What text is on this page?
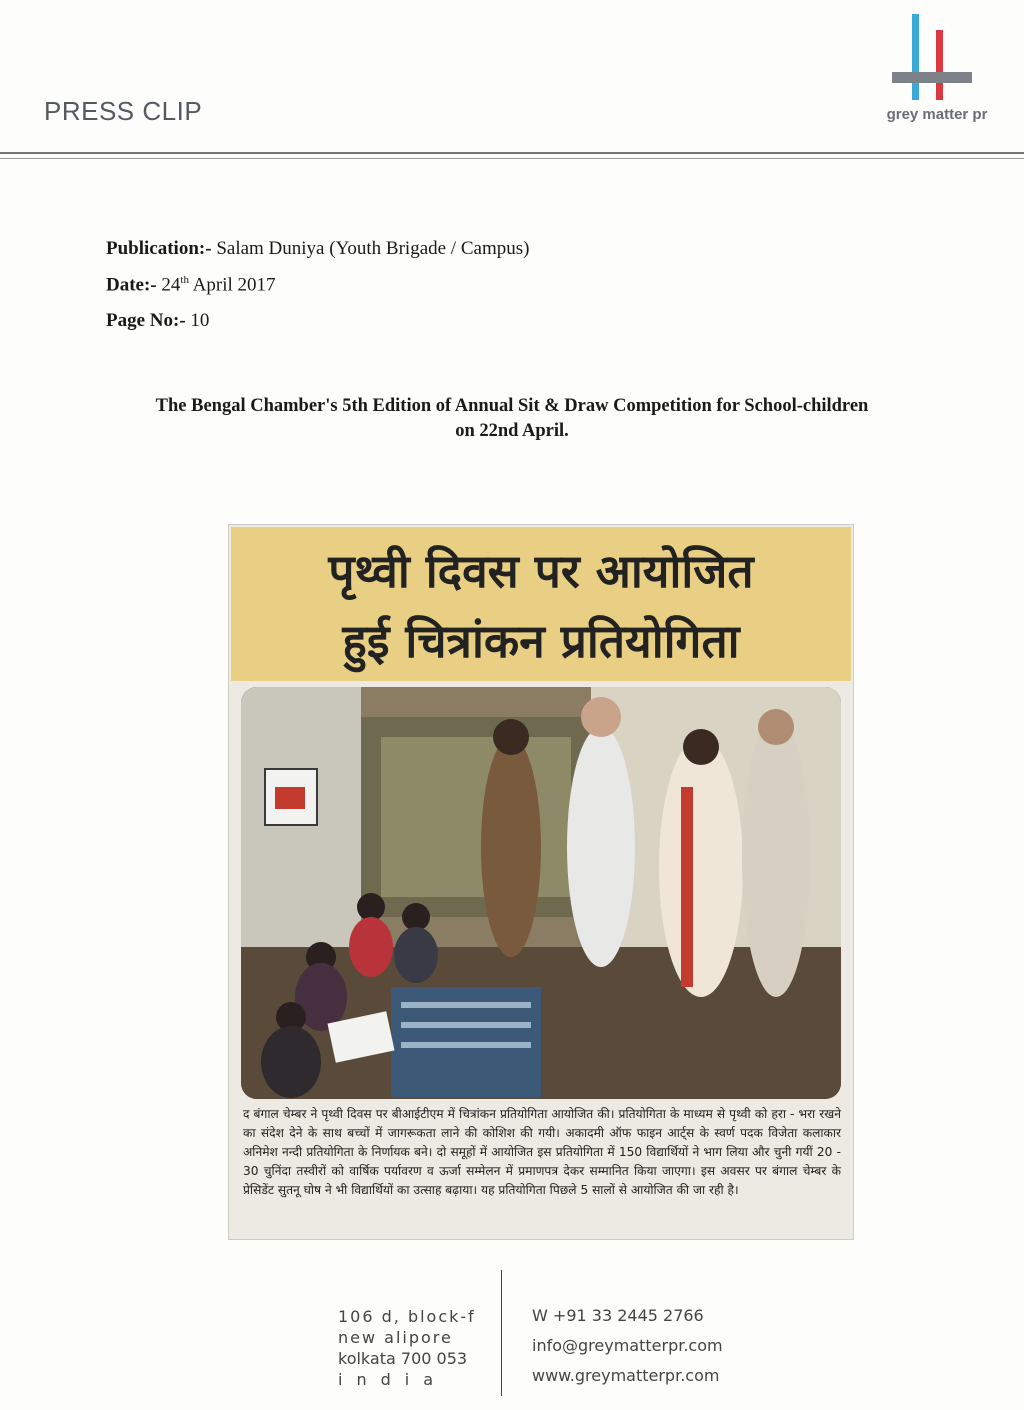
PRESS CLIP	grey matter pr
Publication:- Salam Duniya (Youth Brigade / Campus)
Date:- 24th April 2017
Page No:- 10
The Bengal Chamber's 5th Edition of Annual Sit & Draw Competition for School-children
on 22nd April.
पृथ्वी दिवस पर आयोजित
हुई चित्रांकन प्रतियोगिता
द बंगाल चेम्बर ने पृथ्वी दिवस पर बीआईटीएम में चित्रांकन प्रतियोगिता आयोजित की। प्रतियोगिता के माध्यम से पृथ्वी को हरा - भरा रखने का संदेश देने के साथ बच्चों में जागरूकता लाने की कोशिश की गयी। अकादमी ऑफ फाइन आर्ट्स के स्वर्ण पदक विजेता कलाकार अनिमेश नन्दी प्रतियोगिता के निर्णायक बने। दो समूहों में आयोजित इस प्रतियोगिता में 150 विद्यार्थियों ने भाग लिया और चुनी गयीं 20 - 30 चुनिंदा तस्वीरों को वार्षिक पर्यावरण व ऊर्जा सम्मेलन में प्रमाणपत्र देकर सम्मानित किया जाएगा। इस अवसर पर बंगाल चेम्बर के प्रेसिडेंट सुतनू घोष ने भी विद्यार्थियों का उत्साह बढ़ाया। यह प्रतियोगिता पिछले 5 सालों से आयोजित की जा रही है।
106 d, block-f
new alipore
kolkata 700 053
india
W +91 33 2445 2766
info@greymatterpr.com
www.greymatterpr.com
